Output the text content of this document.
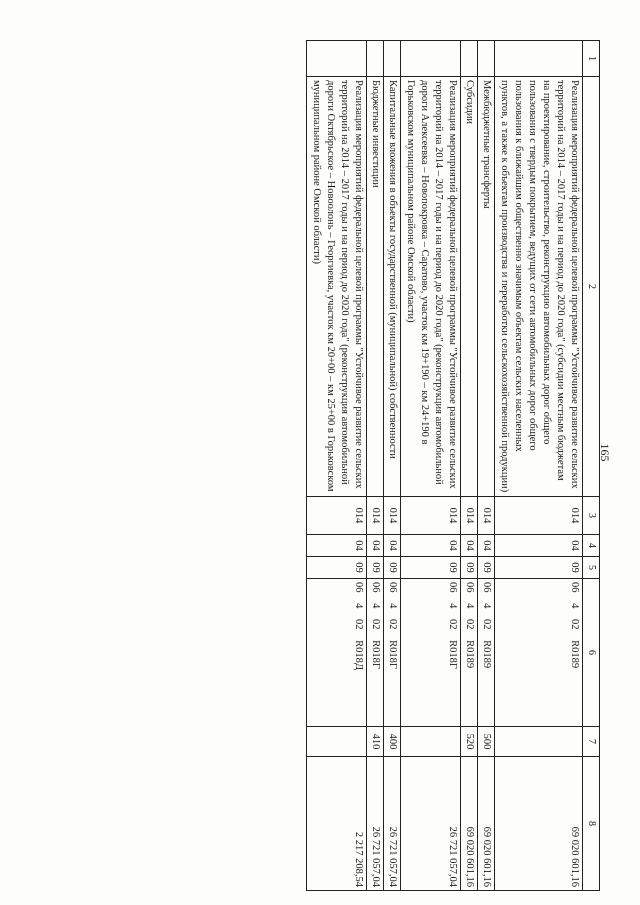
165
1	2	3	4	5	6	7	8
	Реализация мероприятий федеральной целевой программы "Устойчивое развитие сельских территорий на 2014 – 2017 годы и на период до 2020 года" (субсидии местным бюджетам на проектирование, строительство, реконструкцию автомобильных дорог общего пользования с твердым покрытием, ведущих от сети автомобильных дорог общего пользования к ближайшим общественно значимым объектам сельских населенных пунктов, а также к объектам производства и переработки сельскохозяйственной продукции)	014	04	09	06 4 02 R0189		69 020 601,16
	Межбюджетные трансферты	014	04	09	06 4 02 R0189	500	69 020 601,16
	Субсидии	014	04	09	06 4 02 R0189	520	69 020 601,16
	Реализация мероприятий федеральной целевой программы "Устойчивое развитие сельских территорий на 2014 – 2017 годы и на период до 2020 года" (реконструкция автомобильной дороги Алексеевка – Новопокровка – Саратово, участок км 19+190 – км 24+190 в Горьковском муниципальном районе Омской области)	014	04	09	06 4 02 R018Г		26 721 057,04
	Капитальные вложения в объекты государственной (муниципальной) собственности	014	04	09	06 4 02 R018Г	400	26 721 057,04
	Бюджетные инвестиции	014	04	09	06 4 02 R018Г	410	26 721 057,04
	Реализация мероприятий федеральной целевой программы "Устойчивое развитие сельских территорий на 2014 – 2017 годы и на период до 2020 года" (реконструкция автомобильной дороги Октябрьское – Новоолонь – Георгиевка, участок км 20+00 – км 25+00 в Горьковском муниципальном районе Омской области)	014	04	09	06 4 02 R018Д		2 217 208,54
